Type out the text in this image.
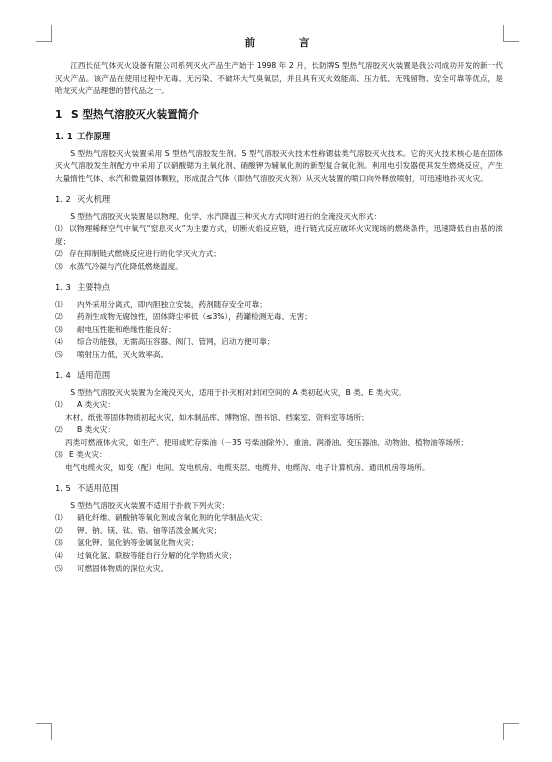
前 言

江西长征气体灭火设备有限公司系列灭火产品生产始于 1998 年 2 月，长防牌S 型热气溶胶灭火装置是我公司成功开发的新一代灭火产品。该产品在使用过程中无毒、无污染、不破坏大气臭氧层，并且具有灭火效能高、压力低、无残留物、安全可靠等优点，是哈龙灭火产品理想的替代品之一。

1 S 型热气溶胶灭火装置简介
1. 1 工作原理

S 型热气溶胶灭火装置采用 S 型热气溶胶发生剂。S 型气溶胶灭火技术性称锶盐类气溶胶灭火技术。它的灭火技术核心是在固体灭火气溶胶发生剂配方中采用了以硝酸锶为主氧化剂、硝酸钾为辅氧化剂的新型复合氧化剂。利用电引发器使其发生燃烧反应，产生大量惰性气体、水汽和微量固体颗粒，形成混合气体（即热气溶胶灭火剂）从灭火装置的喷口向外释放喷射，可迅速地扑灭火灾。

1. 2 灭火机理

S 型热气溶胶灭火装置是以物理、化学、水汽降温三种灭火方式同时进行的全淹没灭火形式：

⑴ 以物理稀释空气中氧气“窒息灭火”为主要方式，切断火焰反应链，进行链式反应破坏火灾现场的燃烧条件，迅速降低自由基的浓度；

⑵ 存在抑制链式燃烧反应进行的化学灭火方式；

⑶ 水蒸气冷凝与汽化降低燃烧温度。

1. 3 主要特点

⑴ 内外采用分离式，即内胆独立安装，药剂随存安全可靠；

⑵ 药剂生成物无腐蚀性，固体降尘率低（≤3%），药罐检测无毒、无害；

⑶ 耐电压性能和绝缘性能良好；

⑷ 综合功能强，无需高压容器、阀门、管网，启动方便可靠；

⑸ 喷射压力低，灭火效率高。

1. 4 适用范围

S 型热气溶胶灭火装置为全淹没灭火，适用于扑灭相对封闭空间的 A 类初起火灾，B 类、E 类火灾。

⑴ A 类火灾：

木材、纸张等固体物质初起火灾，如木制品库、博物馆、图书馆、档案室、资料室等场所；

⑵ B 类火灾：

丙类可燃液体火灾，如生产、使用或贮存柴油（－35 号柴油除外）、重油、润滑油、变压器油、动物油、植物油等场所；

⑶ E 类火灾：

电气电缆火灾，如变（配）电间、发电机房、电缆夹层、电缆井、电缆沟、电子计算机房、通讯机房等场所。

1. 5 不适用范围

S 型热气溶胶灭火装置不适用于扑救下列火灾：

⑴ 硝化纤维、硝酸钠等氧化剂或含氧化剂的化学制品火灾；

⑵ 钾、钠、镁、钛、锆、铀等活泼金属火灾；

⑶ 氢化钾、氢化钠等金属氢化物火灾；

⑷ 过氧化氢、联胺等能自行分解的化学物质火灾；

⑸ 可燃固体物质的深位火灾。
